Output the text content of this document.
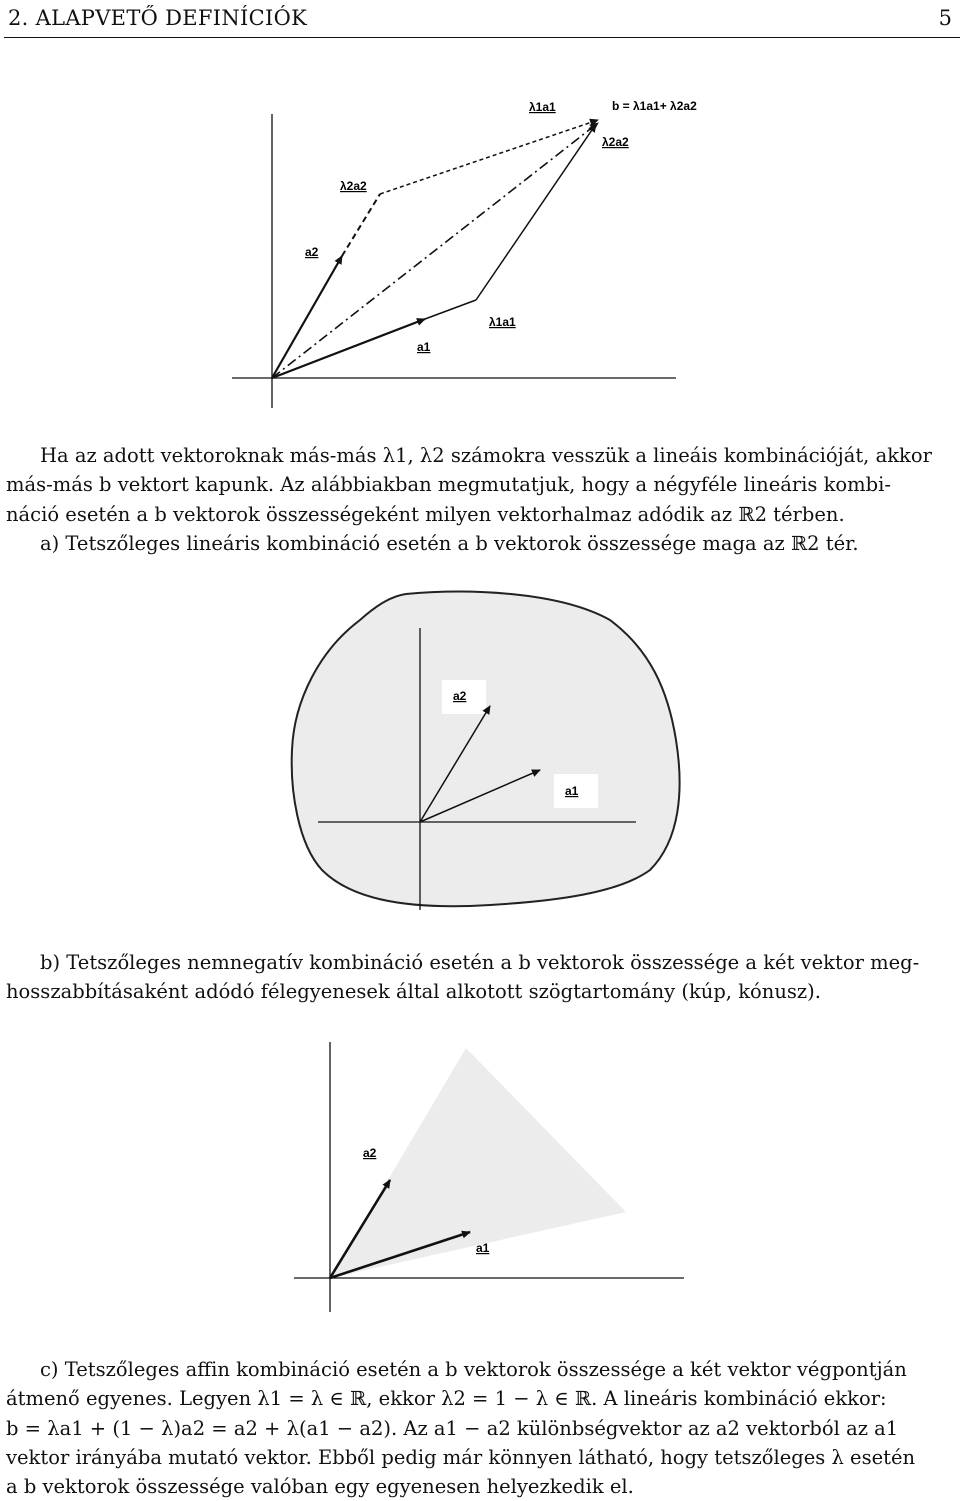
2. ALAPVETŐ DEFINÍCIÓK	5
λ1a1	b = λ1a1+ λ2a2
λ2a2
λ2a2
a2
λ1a1
a1
Ha az adott vektoroknak más-más λ1, λ2 számokra vesszük a lineáis kombinációját, akkor
más-más b vektort kapunk. Az alábbiakban megmutatjuk, hogy a négyféle lineáris kombi-
náció esetén a b vektorok összességeként milyen vektorhalmaz adódik az ℝ2 térben.
a) Tetszőleges lineáris kombináció esetén a b vektorok összessége maga az ℝ2 tér.
a2
a1
b) Tetszőleges nemnegatív kombináció esetén a b vektorok összessége a két vektor meg-
hosszabbításaként adódó félegyenesek által alkotott szögtartomány (kúp, kónusz).
a2
a1
c) Tetszőleges affin kombináció esetén a b vektorok összessége a két vektor végpontján
átmenő egyenes. Legyen λ1 = λ ∈ ℝ, ekkor λ2 = 1 − λ ∈ ℝ. A lineáris kombináció ekkor:
b = λa1 + (1 − λ)a2 = a2 + λ(a1 − a2). Az a1 − a2 különbségvektor az a2 vektorból az a1
vektor irányába mutató vektor. Ebből pedig már könnyen látható, hogy tetszőleges λ esetén
a b vektorok összessége valóban egy egyenesen helyezkedik el.
